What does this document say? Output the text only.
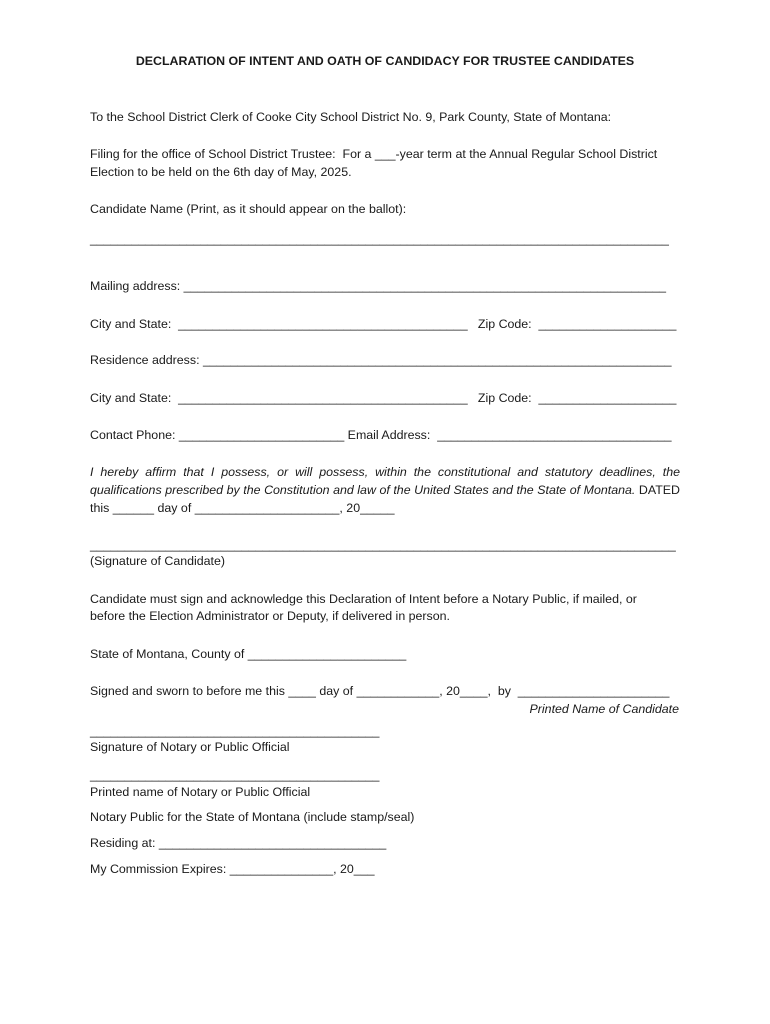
DECLARATION OF INTENT AND OATH OF CANDIDACY FOR TRUSTEE CANDIDATES
To the School District Clerk of Cooke City School District No. 9, Park County, State of Montana:
Filing for the office of School District Trustee:  For a ___-year term at the Annual Regular School District
Election to be held on the 6th day of May, 2025.
Candidate Name (Print, as it should appear on the ballot):
____________________________________________________________________________________
Mailing address: ______________________________________________________________________
City and State:  __________________________________________   Zip Code:  ____________________
Residence address: ____________________________________________________________________
City and State:  __________________________________________   Zip Code:  ____________________
Contact Phone: ________________________ Email Address:  __________________________________
I hereby affirm that I possess, or will possess, within the constitutional and statutory deadlines, the qualifications prescribed by the Constitution and law of the United States and the State of Montana. DATED this ______ day of _____________________, 20_____
_____________________________________________________________________________________
(Signature of Candidate)
Candidate must sign and acknowledge this Declaration of Intent before a Notary Public, if mailed, or
before the Election Administrator or Deputy, if delivered in person.
State of Montana, County of _______________________
Signed and sworn to before me this ____ day of ____________, 20____,  by  ______________________
Printed Name of Candidate
__________________________________________
Signature of Notary or Public Official
__________________________________________
Printed name of Notary or Public Official
Notary Public for the State of Montana (include stamp/seal)
Residing at: _________________________________
My Commission Expires: _______________, 20___
